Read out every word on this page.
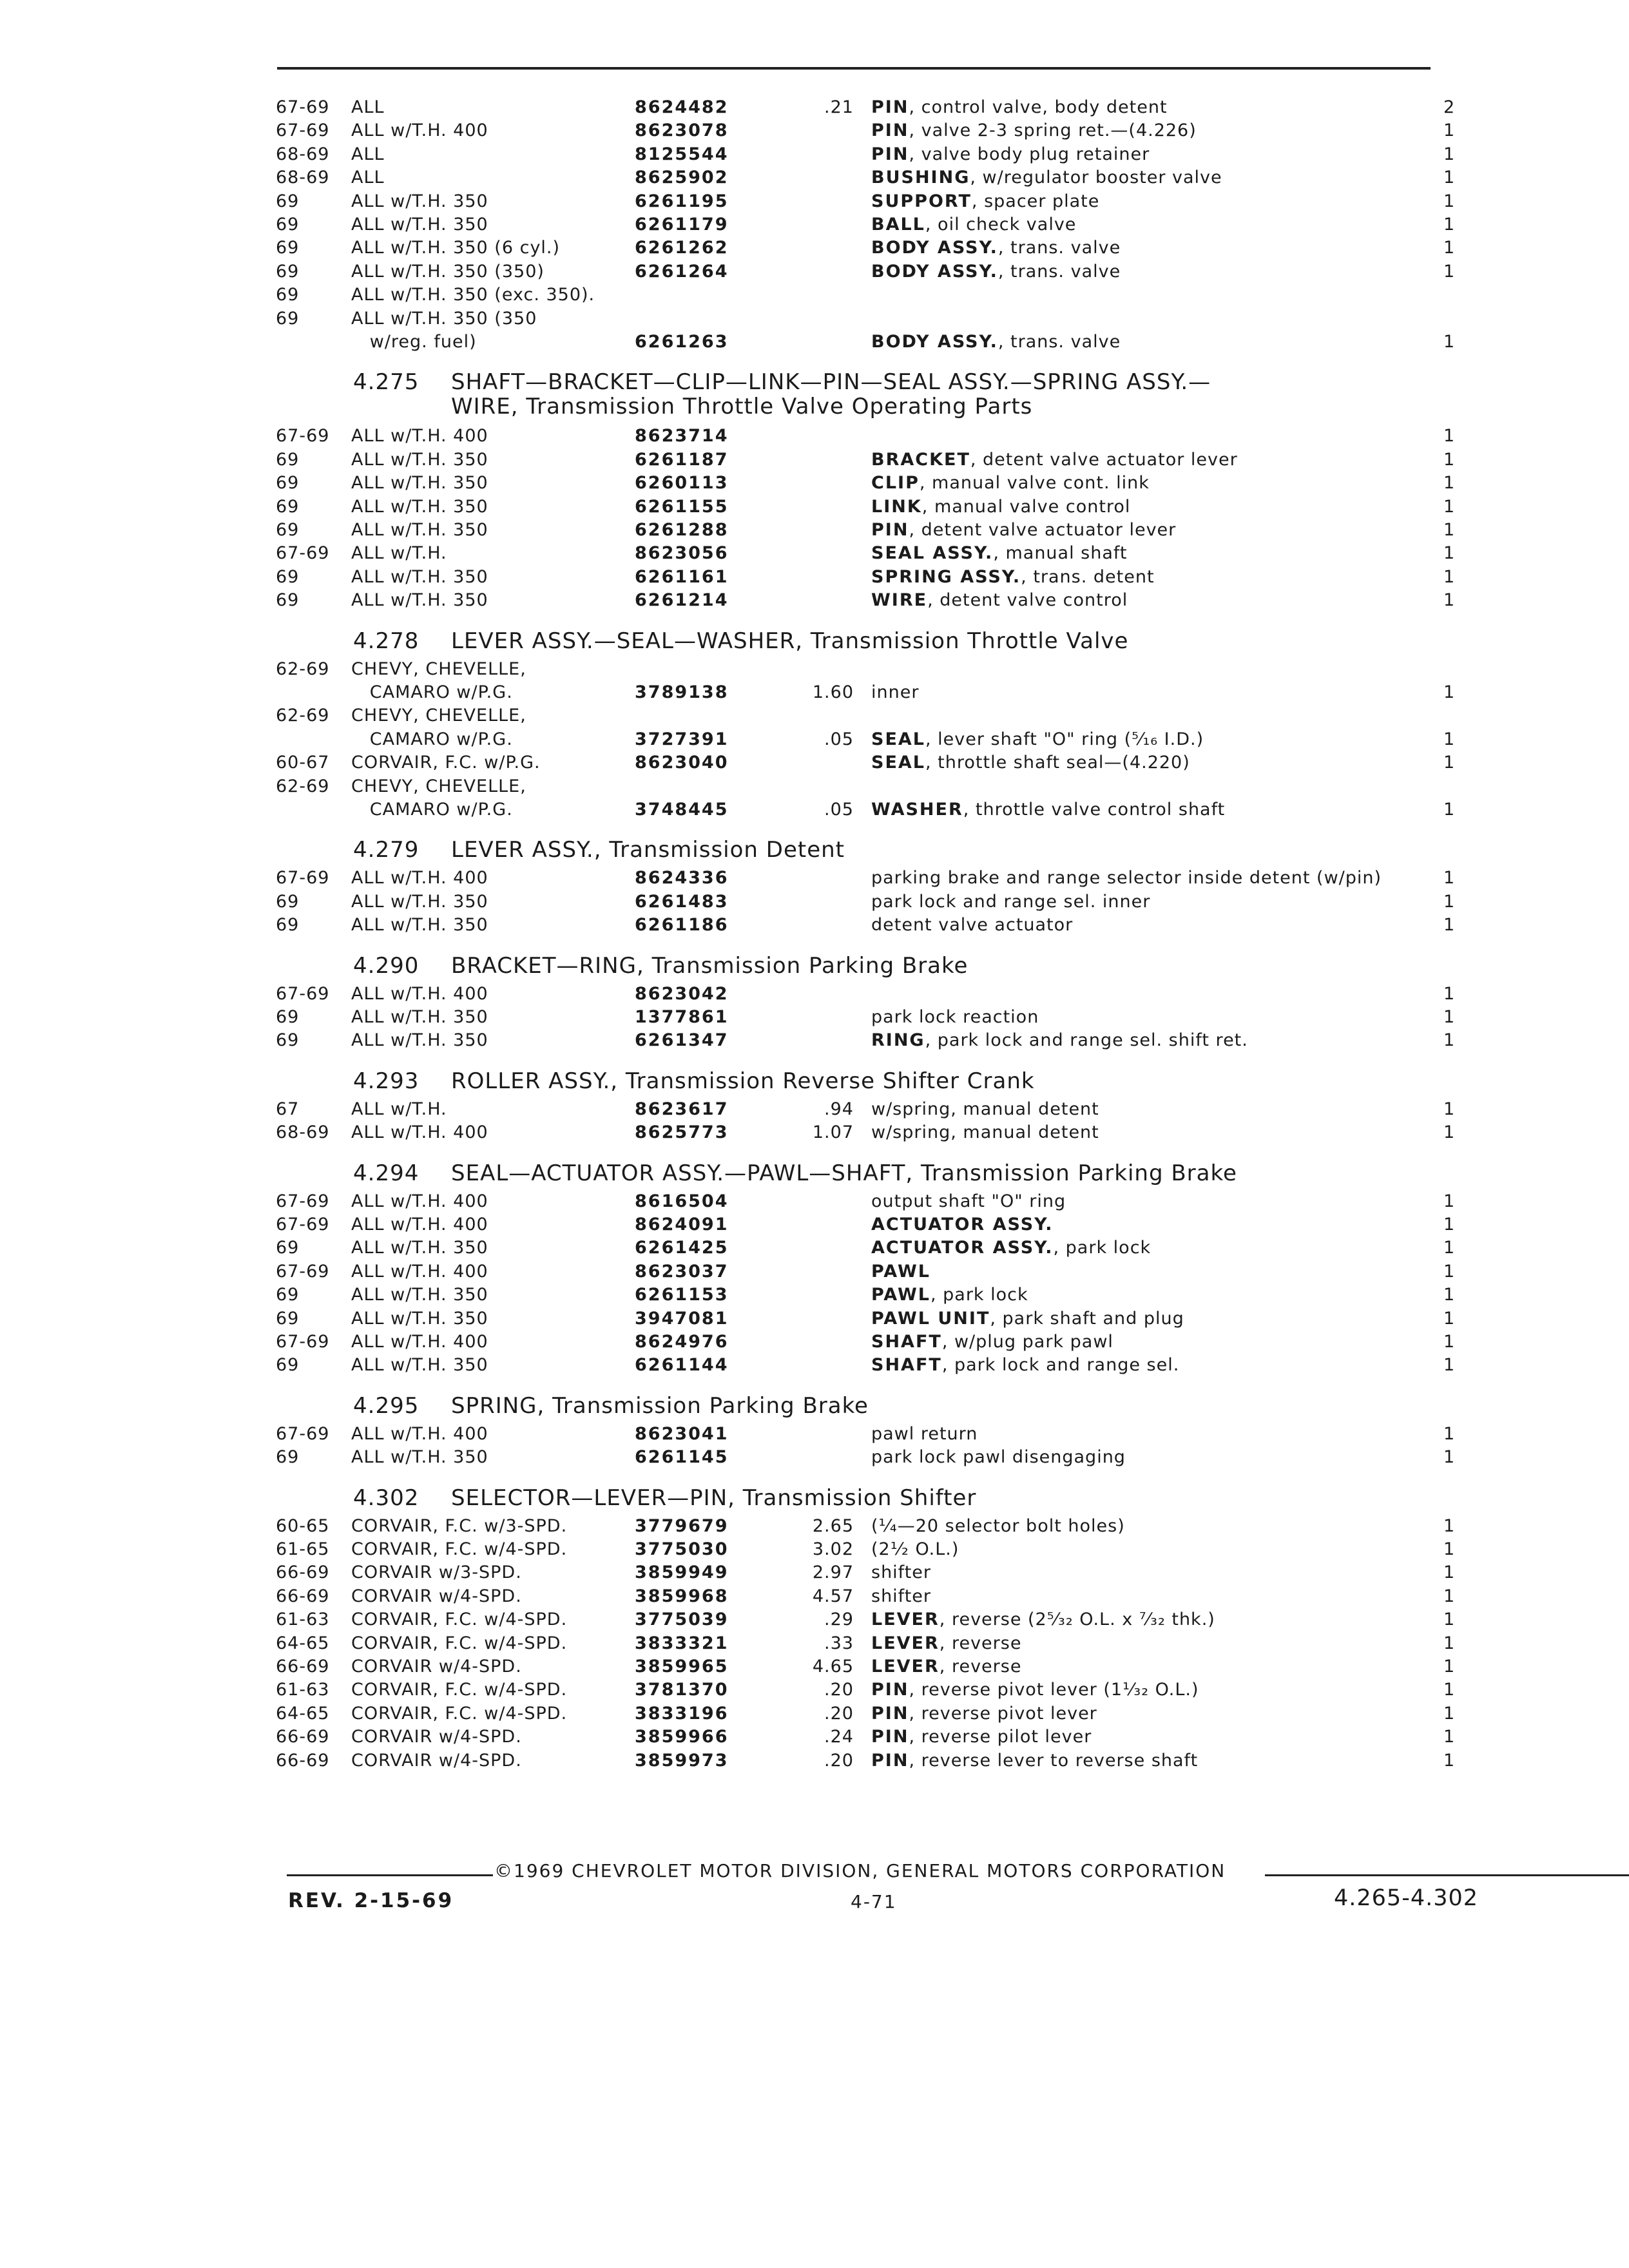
67-69 ALL	8624482	.21 PIN, control valve, body detent	2
67-69 ALL w/T.H. 400	8623078	PIN, valve 2-3 spring ret.—(4.226)	1
68-69 ALL	8125544	PIN, valve body plug retainer	1
68-69 ALL	8625902	BUSHING, w/regulator booster valve	1
69	ALL w/T.H. 350	6261195	SUPPORT, spacer plate	1
69	ALL w/T.H. 350	6261179	BALL, oil check valve	1
69	ALL w/T.H. 350 (6 cyl.)	6261262	BODY ASSY., trans. valve	1
69	ALL w/T.H. 350 (350)	6261264	BODY ASSY., trans. valve	1
69	ALL w/T.H. 350 (exc. 350).
69	ALL w/T.H. 350 (350
w/reg. fuel)	6261263	BODY ASSY., trans. valve	1
4.275 SHAFT—BRACKET—CLIP—LINK—PIN—SEAL ASSY.—SPRING ASSY.—
WIRE, Transmission Throttle Valve Operating Parts
67-69 ALL w/T.H. 400	8623714	1
69	ALL w/T.H. 350	6261187	BRACKET, detent valve actuator lever	1
69	ALL w/T.H. 350	6260113	CLIP, manual valve cont. link	1
69	ALL w/T.H. 350	6261155	LINK, manual valve control	1
69	ALL w/T.H. 350	6261288	PIN, detent valve actuator lever	1
67-69 ALL w/T.H.	8623056	SEAL ASSY., manual shaft	1
69	ALL w/T.H. 350	6261161	SPRING ASSY., trans. detent	1
69	ALL w/T.H. 350	6261214	WIRE, detent valve control	1
4.278 LEVER ASSY.—SEAL—WASHER, Transmission Throttle Valve
62-69 CHEVY, CHEVELLE,
CAMARO w/P.G.	3789138	1.60 inner	1
62-69 CHEVY, CHEVELLE,
CAMARO w/P.G.	3727391	.05 SEAL, lever shaft "O" ring (⁵⁄₁₆ I.D.)	1
60-67 CORVAIR, F.C. w/P.G.	8623040	SEAL, throttle shaft seal—(4.220)	1
62-69 CHEVY, CHEVELLE,
CAMARO w/P.G.	3748445	.05 WASHER, throttle valve control shaft	1
4.279 LEVER ASSY., Transmission Detent
67-69 ALL w/T.H. 400	8624336	parking brake and range selector inside detent (w/pin)	1
69	ALL w/T.H. 350	6261483	park lock and range sel. inner	1
69	ALL w/T.H. 350	6261186	detent valve actuator	1
4.290 BRACKET—RING, Transmission Parking Brake
67-69 ALL w/T.H. 400	8623042	1
69	ALL w/T.H. 350	1377861	park lock reaction	1
69	ALL w/T.H. 350	6261347	RING, park lock and range sel. shift ret.	1
4.293 ROLLER ASSY., Transmission Reverse Shifter Crank
67	ALL w/T.H.	8623617	.94 w/spring, manual detent	1
68-69 ALL w/T.H. 400	8625773	1.07 w/spring, manual detent	1
4.294 SEAL—ACTUATOR ASSY.—PAWL—SHAFT, Transmission Parking Brake
67-69 ALL w/T.H. 400	8616504	output shaft "O" ring	1
67-69 ALL w/T.H. 400	8624091	ACTUATOR ASSY.	1
69	ALL w/T.H. 350	6261425	ACTUATOR ASSY., park lock	1
67-69 ALL w/T.H. 400	8623037	PAWL	1
69	ALL w/T.H. 350	6261153	PAWL, park lock	1
69	ALL w/T.H. 350	3947081	PAWL UNIT, park shaft and plug	1
67-69 ALL w/T.H. 400	8624976	SHAFT, w/plug park pawl	1
69	ALL w/T.H. 350	6261144	SHAFT, park lock and range sel.	1
4.295 SPRING, Transmission Parking Brake
67-69 ALL w/T.H. 400	8623041	pawl return	1
69	ALL w/T.H. 350	6261145	park lock pawl disengaging	1
4.302 SELECTOR—LEVER—PIN, Transmission Shifter
60-65 CORVAIR, F.C. w/3-SPD.	3779679	2.65 (¹⁄₄—20 selector bolt holes)	1
61-65 CORVAIR, F.C. w/4-SPD.	3775030	3.02 (2¹⁄₂ O.L.)	1
66-69 CORVAIR w/3-SPD.	3859949	2.97 shifter	1
66-69 CORVAIR w/4-SPD.	3859968	4.57 shifter	1
61-63 CORVAIR, F.C. w/4-SPD.	3775039	.29 LEVER, reverse (2⁵⁄₃₂ O.L. x ⁷⁄₃₂ thk.)	1
64-65 CORVAIR, F.C. w/4-SPD.	3833321	.33 LEVER, reverse	1
66-69 CORVAIR w/4-SPD.	3859965	4.65 LEVER, reverse	1
61-63 CORVAIR, F.C. w/4-SPD.	3781370	.20 PIN, reverse pivot lever (1¹⁄₃₂ O.L.)	1
64-65 CORVAIR, F.C. w/4-SPD.	3833196	.20 PIN, reverse pivot lever	1
66-69 CORVAIR w/4-SPD.	3859966	.24 PIN, reverse pilot lever	1
66-69 CORVAIR w/4-SPD.	3859973	.20 PIN, reverse lever to reverse shaft	1
©1969 CHEVROLET MOTOR DIVISION, GENERAL MOTORS CORPORATION
REV. 2-15-69	4-71	4.265-4.302
